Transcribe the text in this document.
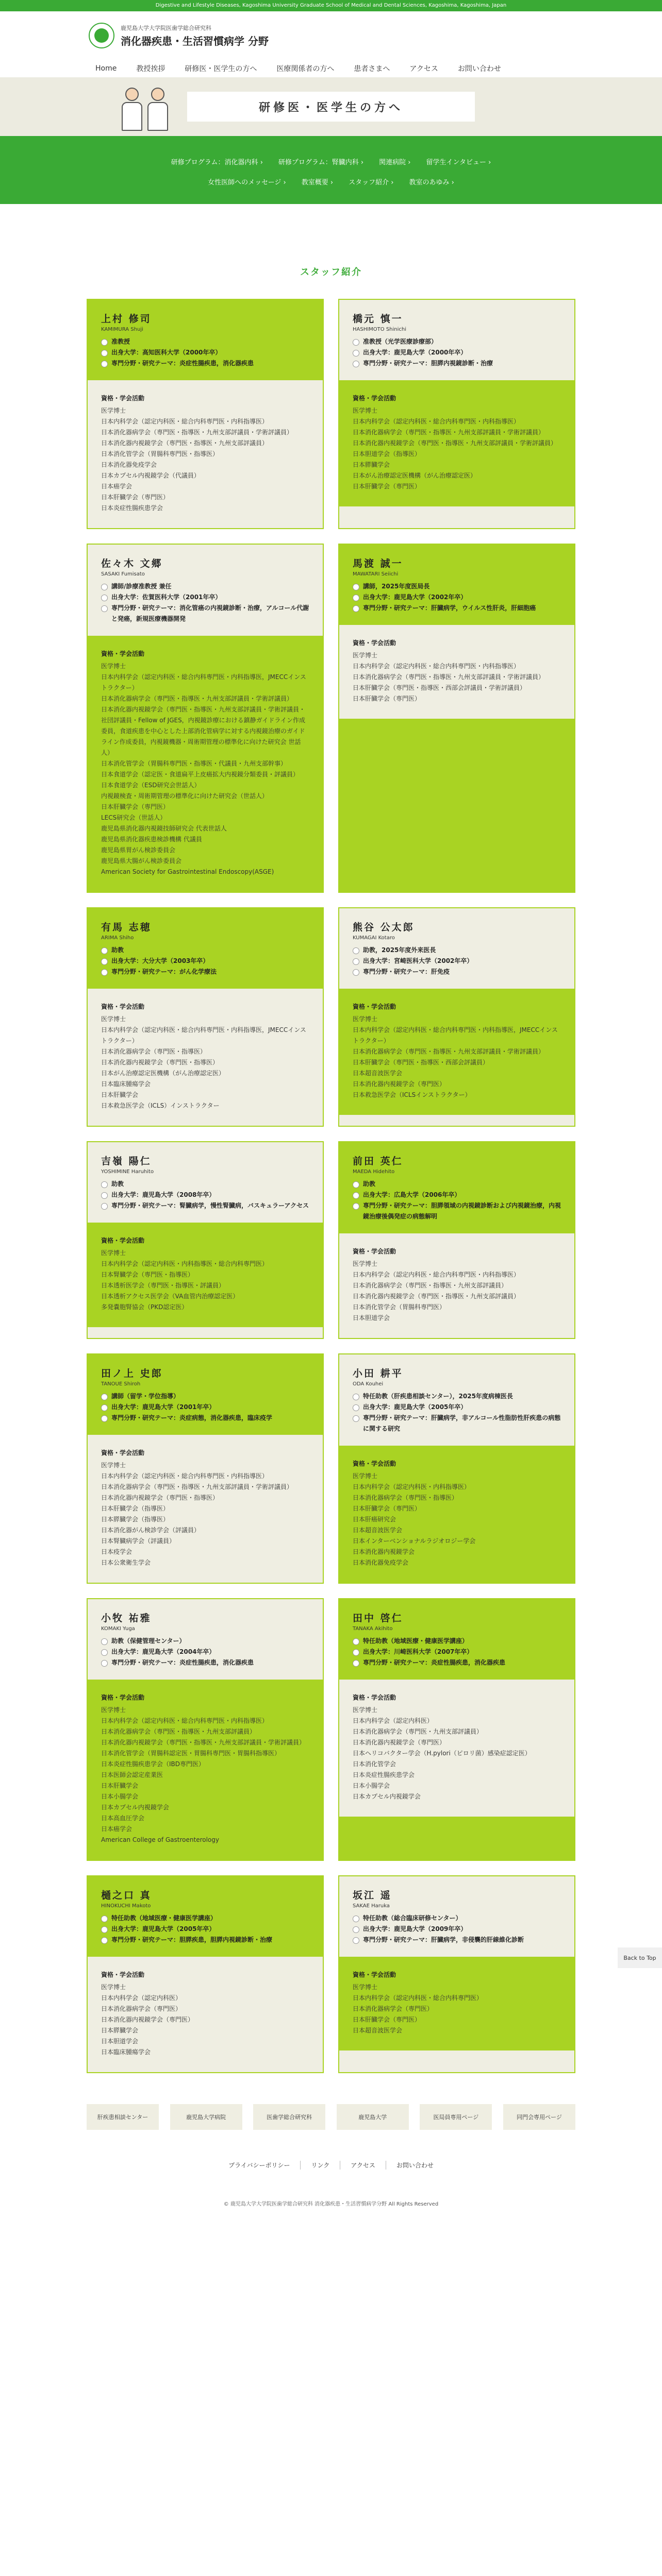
Digestive and Lifestyle Diseases, Kagoshima University Graduate School of Medical and Dental Sciences, Kagoshima, Kagoshima, Japan
鹿児島大学大学院医歯学総合研究科
消化器疾患・生活習慣病学 分野
Home	教授挨拶	研修医・医学生の方へ	医療関係者の方へ	患者さまへ	アクセス	お問い合わせ
研修医・医学生の方へ
研修プログラム：消化器内科 ›	研修プログラム：腎臓内科 ›	関連病院 ›	留学生インタビュー ›
女性医師へのメッセージ ›	教室概要 ›	スタッフ紹介 ›	教室のあゆみ ›
スタッフ紹介
上村 修司
KAMIMURA Shuji
准教授
出身大学：高知医科大学（2000年卒）
専門分野・研究テーマ：炎症性腸疾患，消化器疾患
資格・学会活動
医学博士
日本内科学会（認定内科医・総合内科専門医・内科指導医）
日本消化器病学会（専門医・指導医・九州支部評議員・学術評議員）
日本消化器内視鏡学会（専門医・指導医・九州支部評議員）
日本消化管学会（胃腸科専門医・指導医）
日本消化器免疫学会
日本カプセル内視鏡学会（代議員）
日本癌学会
日本肝臓学会（専門医）
日本炎症性腸疾患学会
橋元 慎一
HASHIMOTO Shinichi
准教授（光学医療診療部）
出身大学：鹿児島大学（2000年卒）
専門分野・研究テーマ：胆膵内視鏡診断・治療
資格・学会活動
医学博士
日本内科学会（認定内科医・総合内科専門医・内科指導医）
日本消化器病学会（専門医・指導医・九州支部評議員・学術評議員）
日本消化器内視鏡学会（専門医・指導医・九州支部評議員・学術評議員）
日本胆道学会（指導医）
日本膵臓学会
日本がん治療認定医機構（がん治療認定医）
日本肝臓学会（専門医）
佐々木 文郷
SASAKI Fumisato
講師/診療准教授 兼任
出身大学：佐賀医科大学（2001年卒）
専門分野・研究テーマ：消化管癌の内視鏡診断・治療，アルコール代謝と発癌，新規医療機器開発
資格・学会活動
医学博士
日本内科学会（認定内科医・総合内科専門医・内科指導医，JMECCインストラクター）
日本消化器病学会（専門医・指導医・九州支部評議員・学術評議員）
日本消化器内視鏡学会（専門医・指導医・九州支部評議員・学術評議員・社団評議員・Fellow of JGES，内視鏡診療における鎮静ガイドライン作成委員，食道疾患を中心とした上部消化管病学に対する内視鏡治療のガイドライン作成委員，内視鏡機器・周術期管理の標準化に向けた研究会 世話人）
日本消化管学会（胃腸科専門医・指導医・代議員・九州支部幹事）
日本食道学会（認定医・食道扁平上皮癌拡大内視鏡分類委員・評議員）
日本食道学会（ESD研究会世話人）
内視鏡検査・周術期管理の標準化に向けた研究会（世話人）
日本肝臓学会（専門医）
LECS研究会（世話人）
鹿児島県消化器内視鏡技師研究会 代表世話人
鹿児島県消化器疾患検診機構 代議員
鹿児島県胃がん検診委員会
鹿児島県大腸がん検診委員会
American Society for Gastrointestinal Endoscopy(ASGE)
馬渡 誠一
MAWATARI Seiichi
講師，2025年度医局長
出身大学：鹿児島大学（2002年卒）
専門分野・研究テーマ：肝臓病学，ウイルス性肝炎，肝細胞癌
資格・学会活動
医学博士
日本内科学会（認定内科医・総合内科専門医・内科指導医）
日本消化器病学会（専門医・指導医・九州支部評議員・学術評議員）
日本肝臓学会（専門医・指導医・西部会評議員・学術評議員）
日本肝臓学会（専門医）
有馬 志穂
ARIMA Shiho
助教
出身大学：大分大学（2003年卒）
専門分野・研究テーマ：がん化学療法
資格・学会活動
医学博士
日本内科学会（認定内科医・総合内科専門医・内科指導医，JMECCインストラクター）
日本消化器病学会（専門医・指導医）
日本消化器内視鏡学会（専門医・指導医）
日本がん治療認定医機構（がん治療認定医）
日本臨床腫瘍学会
日本肝臓学会
日本救急医学会（ICLS）インストラクター
熊谷 公太郎
KUMAGAI Kotaro
助教，2025年度外来医長
出身大学：宮崎医科大学（2002年卒）
専門分野・研究テーマ：肝免疫
資格・学会活動
医学博士
日本内科学会（認定内科医・総合内科専門医・内科指導医，JMECCインストラクター）
日本消化器病学会（専門医・指導医・九州支部評議員・学術評議員）
日本肝臓学会（専門医・指導医・西部会評議員）
日本超音波医学会
日本消化器内視鏡学会（専門医）
日本救急医学会（ICLSインストラクター）
吉嶺 陽仁
YOSHIMINE Haruhito
助教
出身大学：鹿児島大学（2008年卒）
専門分野・研究テーマ：腎臓病学，慢性腎臓病，バスキュラーアクセス
資格・学会活動
医学博士
日本内科学会（認定内科医・内科指導医・総合内科専門医）
日本腎臓学会（専門医・指導医）
日本透析医学会（専門医・指導医・評議員）
日本透析アクセス医学会（VA血管内治療認定医）
多発嚢胞腎協会（PKD認定医）
前田 英仁
MAEDA Hidehito
助教
出身大学：広島大学（2006年卒）
専門分野・研究テーマ：胆膵領域の内視鏡診断および内視鏡治療，内視鏡治療後偶発症の病態解明
資格・学会活動
医学博士
日本内科学会（認定内科医・総合内科専門医・内科指導医）
日本消化器病学会（専門医・指導医・九州支部評議員）
日本消化器内視鏡学会（専門医・指導医・九州支部評議員）
日本消化管学会（胃腸科専門医）
日本胆道学会
田ノ上 史郎
TANOUE Shiroh
講師（留学・学位指導）
出身大学：鹿児島大学（2001年卒）
専門分野・研究テーマ：炎症病態，消化器疾患，臨床疫学
資格・学会活動
医学博士
日本内科学会（認定内科医・総合内科専門医・内科指導医）
日本消化器病学会（専門医・指導医・九州支部評議員・学術評議員）
日本消化器内視鏡学会（専門医・指導医）
日本肝臓学会（指導医）
日本膵臓学会（指導医）
日本消化器がん検診学会（評議員）
日本腎臓病学会（評議員）
日本疫学会
日本公衆衛生学会
小田 耕平
ODA Kouhei
特任助教（肝疾患相談センター），2025年度病棟医長
出身大学：鹿児島大学（2005年卒）
専門分野・研究テーマ：肝臓病学，非アルコール性脂肪性肝疾患の病態に関する研究
資格・学会活動
医学博士
日本内科学会（認定内科医・内科指導医）
日本消化器病学会（専門医・指導医）
日本肝臓学会（専門医）
日本肝癌研究会
日本超音波医学会
日本インターベンショナルラジオロジー学会
日本消化器内視鏡学会
日本消化器免疫学会
小牧 祐雅
KOMAKI Yuga
助教（保健管理センター）
出身大学：鹿児島大学（2004年卒）
専門分野・研究テーマ：炎症性腸疾患，消化器疾患
資格・学会活動
医学博士
日本内科学会（認定内科医・総合内科専門医・内科指導医）
日本消化器病学会（専門医・指導医・九州支部評議員）
日本消化器内視鏡学会（専門医・指導医・九州支部評議員・学術評議員）
日本消化管学会（胃腸科認定医・胃腸科専門医・胃腸科指導医）
日本炎症性腸疾患学会（IBD専門医）
日本医師会認定産業医
日本肝臓学会
日本小腸学会
日本カプセル内視鏡学会
日本高血圧学会
日本癌学会
American College of Gastroenterology
田中 啓仁
TANAKA Akihito
特任助教（地域医療・健康医学講座）
出身大学：川崎医科大学（2007年卒）
専門分野・研究テーマ：炎症性腸疾患，消化器疾患
資格・学会活動
医学博士
日本内科学会（認定内科医）
日本消化器病学会（専門医・九州支部評議員）
日本消化器内視鏡学会（専門医）
日本ヘリコバクター学会（H.pylori（ピロリ菌）感染症認定医）
日本消化管学会
日本炎症性腸疾患学会
日本小腸学会
日本カプセル内視鏡学会
樋之口 真
HINOKUCHI Makoto
特任助教（地域医療・健康医学講座）
出身大学：鹿児島大学（2005年卒）
専門分野・研究テーマ：胆膵疾患，胆膵内視鏡診断・治療
資格・学会活動
医学博士
日本内科学会（認定内科医）
日本消化器病学会（専門医）
日本消化器内視鏡学会（専門医）
日本膵臓学会
日本胆道学会
日本臨床腫瘍学会
坂江 遥
SAKAE Haruka
特任助教（総合臨床研修センター）
出身大学：鹿児島大学（2009年卒）
専門分野・研究テーマ：肝臓病学，非侵襲的肝線維化診断
資格・学会活動
医学博士
日本内科学会（認定内科医・総合内科専門医）
日本消化器病学会（専門医）
日本肝臓学会（専門医）
日本超音波医学会
肝疾患相談センター	鹿児島大学病院	医歯学総合研究科	鹿児島大学	医局員専用ページ	同門会専用ページ
プライバシーポリシー	リンク	アクセス	お問い合わせ
© 鹿児島大学大学院医歯学総合研究科 消化器疾患・生活習慣病学分野 All Rights Reserved
Back to Top
